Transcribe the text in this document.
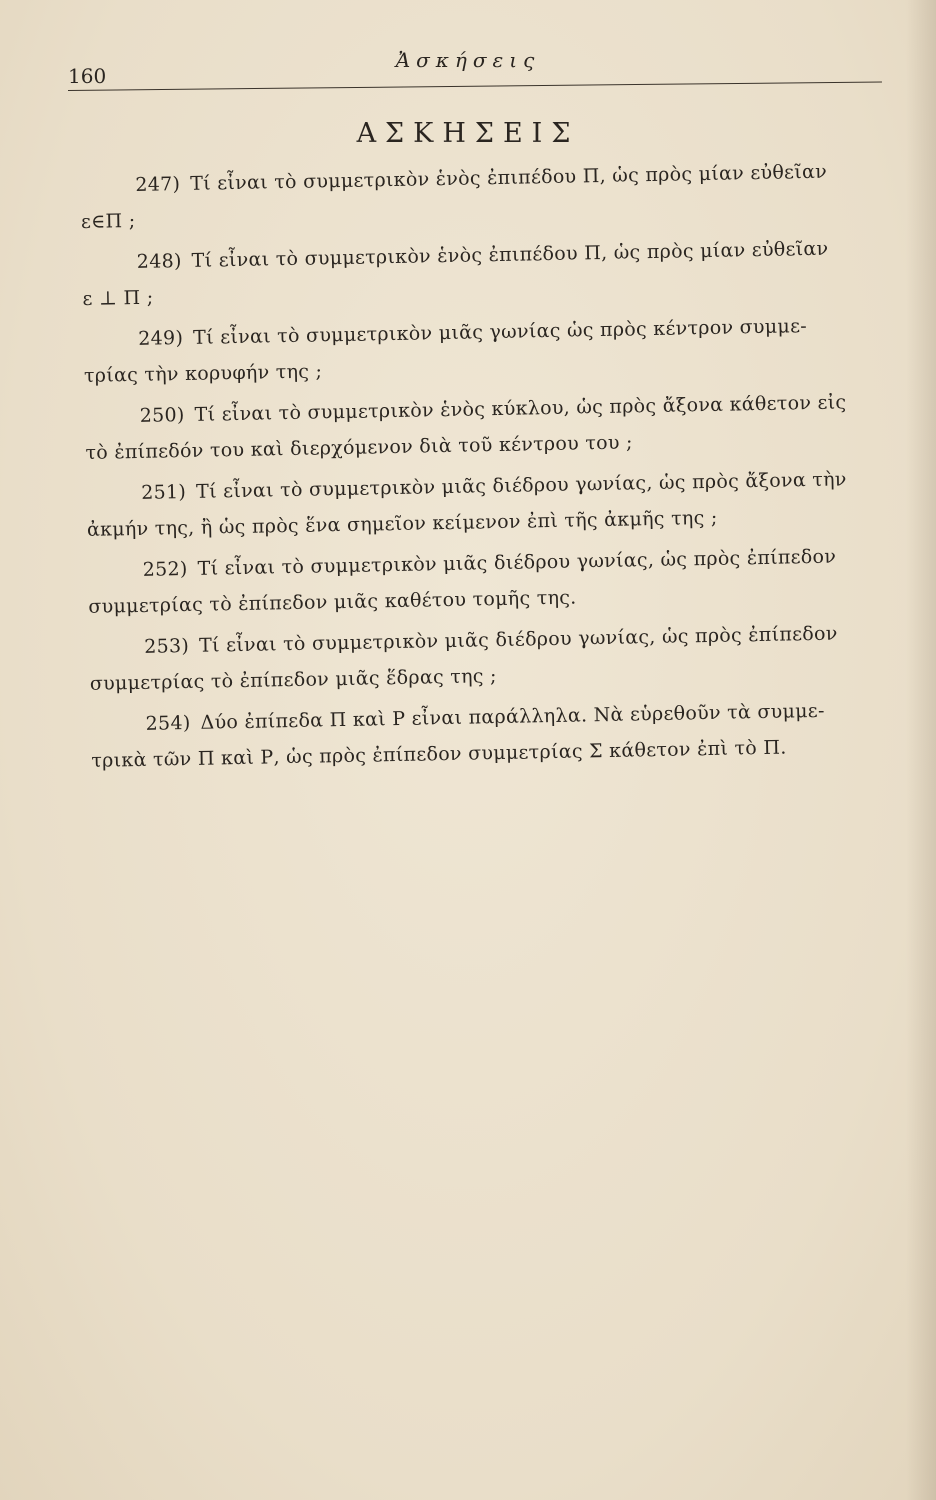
160
Ἀσκήσεις
ΑΣΚΗΣΕΙΣ
247) Τί εἶναι τὸ συμμετρικὸν ἑνὸς ἐπιπέδου Π, ὡς πρὸς μίαν εὐθεῖαν
ε∈Π ;
248) Τί εἶναι τὸ συμμετρικὸν ἑνὸς ἐπιπέδου Π, ὡς πρὸς μίαν εὐθεῖαν
ε ⊥ Π ;
249) Τί εἶναι τὸ συμμετρικὸν μιᾶς γωνίας ὡς πρὸς κέντρον συμμε-
τρίας τὴν κορυφήν της ;
250) Τί εἶναι τὸ συμμετρικὸν ἑνὸς κύκλου, ὡς πρὸς ἄξονα κάθετον εἰς
τὸ ἐπίπεδόν του καὶ διερχόμενον διὰ τοῦ κέντρου του ;
251) Τί εἶναι τὸ συμμετρικὸν μιᾶς διέδρου γωνίας, ὡς πρὸς ἄξονα τὴν
ἀκμήν της, ἢ ὡς πρὸς ἕνα σημεῖον κείμενον ἐπὶ τῆς ἀκμῆς της ;
252) Τί εἶναι τὸ συμμετρικὸν μιᾶς διέδρου γωνίας, ὡς πρὸς ἐπίπεδον
συμμετρίας τὸ ἐπίπεδον μιᾶς καθέτου τομῆς της.
253) Τί εἶναι τὸ συμμετρικὸν μιᾶς διέδρου γωνίας, ὡς πρὸς ἐπίπεδον
συμμετρίας τὸ ἐπίπεδον μιᾶς ἕδρας της ;
254) Δύο ἐπίπεδα Π καὶ Ρ εἶναι παράλληλα. Νὰ εὑρεθοῦν τὰ συμμε-
τρικὰ τῶν Π καὶ Ρ, ὡς πρὸς ἐπίπεδον συμμετρίας Σ κάθετον ἐπὶ τὸ Π.
